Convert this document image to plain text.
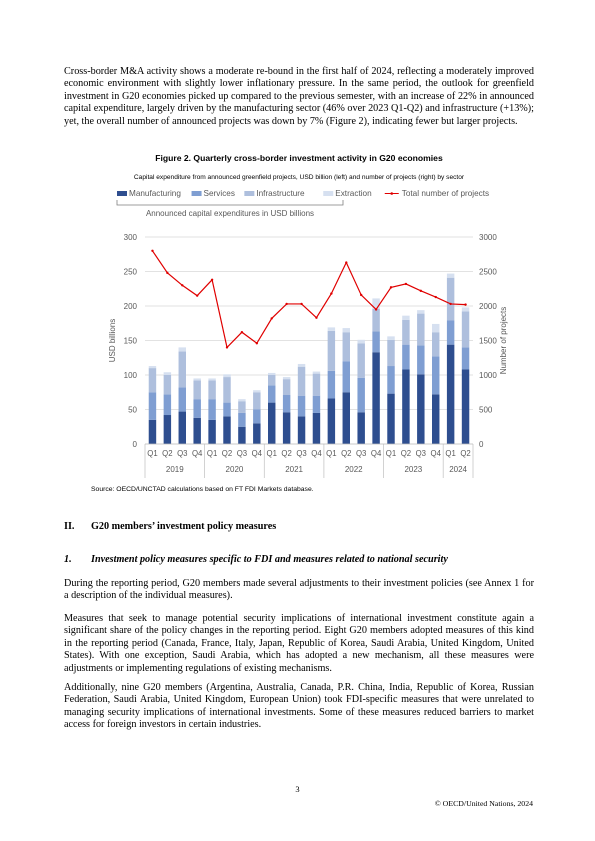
Cross-border M&A activity shows a moderate re-bound in the first half of 2024, reflecting a moderately improved economic environment with slightly lower inflationary pressure. In the same period, the outlook for greenfield investment in G20 economies picked up compared to the previous semester, with an increase of 22% in announced capital expenditure, largely driven by the manufacturing sector (46% over 2023 Q1-Q2) and infrastructure (+13%); yet, the overall number of announced projects was down by 7% (Figure 2), indicating fewer but larger projects.

Figure 2. Quarterly cross-border investment activity in G20 economies

Capital expenditure from announced greenfield projects, USD billion (left) and number of projects (right) by sector

Manufacturing	Services	Infrastructure	Extraction	Total number of projects
Announced capital expenditures in USD billions
0
50
100
150
200
250
300
0
500
1000
1500
2000
2500
3000
Q1 Q2 Q3 Q4 Q1 Q2 Q3 Q4 Q1 Q2 Q3 Q4 Q1 Q2 Q3 Q4 Q1 Q2 Q3 Q4 Q1 Q2
2019	2020	2021	2022	2023	2024
USD billions	Number of projects

Source: OECD/UNCTAD calculations based on FT FDI Markets database.

II. G20 members’ investment policy measures

1. Investment policy measures specific to FDI and measures related to national security

During the reporting period, G20 members made several adjustments to their investment policies (see Annex 1 for a description of the individual measures).

Measures that seek to manage potential security implications of international investment constitute again a significant share of the policy changes in the reporting period. Eight G20 members adopted measures of this kind in the reporting period (Canada, France, Italy, Japan, Republic of Korea, Saudi Arabia, United Kingdom, United States). With one exception, Saudi Arabia, which has adopted a new mechanism, all these measures were adjustments or implementing regulations of existing mechanisms.

Additionally, nine G20 members (Argentina, Australia, Canada, P.R. China, India, Republic of Korea, Russian Federation, Saudi Arabia, United Kingdom, European Union) took FDI-specific measures that were unrelated to managing security implications of international investments. Some of these measures reduced barriers to market access for foreign investors in certain industries.

3

© OECD/United Nations, 2024
